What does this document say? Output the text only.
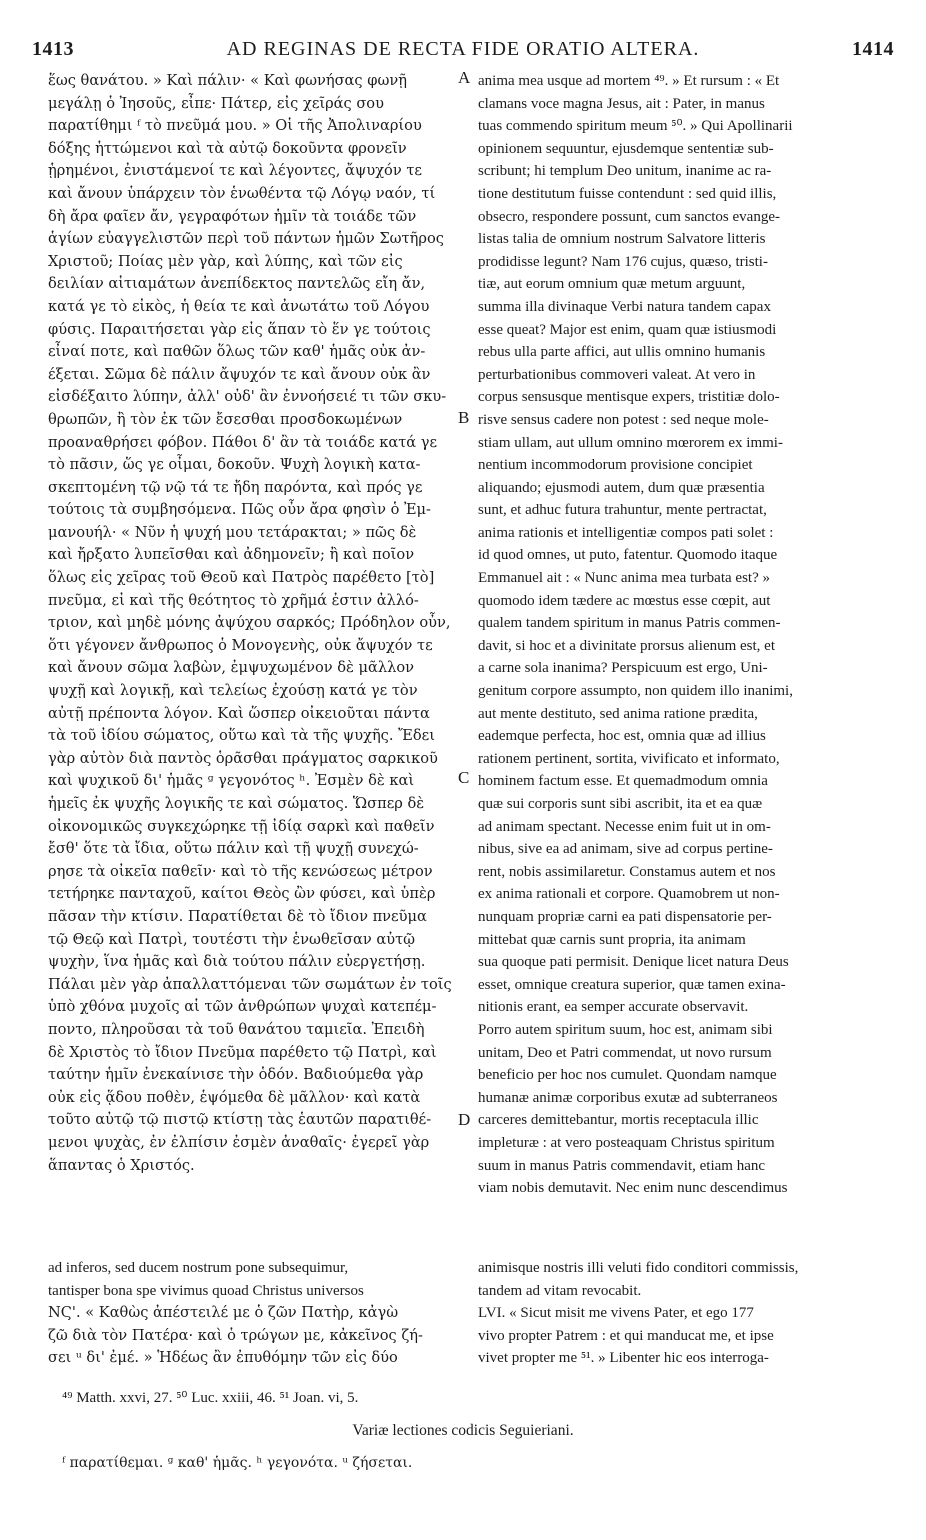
1413	AD REGINAS DE RECTA FIDE ORATIO ALTERA.	1414
ἕως θανάτου. » Καὶ πάλιν· « Καὶ φωνήσας φωνῇ
μεγάλῃ ὁ Ἰησοῦς, εἶπε· Πάτερ, εἰς χεῖράς σου
παρατίθημι ᶠ τὸ πνεῦμά μου. » Οἱ τῆς Ἀπολιναρίου
δόξης ἡττώμενοι καὶ τὰ αὐτῷ δοκοῦντα φρονεῖν
ᾑρημένοι, ἐνιστάμενοί τε καὶ λέγοντες, ἄψυχόν τε
καὶ ἄνουν ὑπάρχειν τὸν ἑνωθέντα τῷ Λόγῳ ναόν, τί
δὴ ἄρα φαῖεν ἄν, γεγραφότων ἡμῖν τὰ τοιάδε τῶν
ἁγίων εὐαγγελιστῶν περὶ τοῦ πάντων ἡμῶν Σωτῆρος
Χριστοῦ; Ποίας μὲν γὰρ, καὶ λύπης, καὶ τῶν εἰς
δειλίαν αἰτιαμάτων ἀνεπίδεκτος παντελῶς εἴη ἄν,
κατά γε τὸ εἰκὸς, ἡ θεία τε καὶ ἀνωτάτω τοῦ Λόγου
φύσις. Παραιτήσεται γὰρ εἰς ἅπαν τὸ ἕν γε τούτοις
εἶναί ποτε, καὶ παθῶν ὅλως τῶν καθ' ἡμᾶς οὐκ ἀν-
έξεται. Σῶμα δὲ πάλιν ἄψυχόν τε καὶ ἄνουν οὐκ ἂν
εἰσδέξαιτο λύπην, ἀλλ' οὐδ' ἂν ἐννοήσειέ τι τῶν σκυ-
θρωπῶν, ἢ τὸν ἐκ τῶν ἔσεσθαι προσδοκωμένων
προαναθρήσει φόβον. Πάθοι δ' ἂν τὰ τοιάδε κατά γε
τὸ πᾶσιν, ὥς γε οἶμαι, δοκοῦν. Ψυχὴ λογικὴ κατα-
σκεπτομένη τῷ νῷ τά τε ἤδη παρόντα, καὶ πρός γε
τούτοις τὰ συμβησόμενα. Πῶς οὖν ἄρα φησὶν ὁ Ἐμ-
μανουήλ· « Νῦν ἡ ψυχή μου τετάρακται; » πῶς δὲ
καὶ ἤρξατο λυπεῖσθαι καὶ ἀδημονεῖν; ἢ καὶ ποῖον
ὅλως εἰς χεῖρας τοῦ Θεοῦ καὶ Πατρὸς παρέθετο [τὸ]
πνεῦμα, εἰ καὶ τῆς θεότητος τὸ χρῆμά ἐστιν ἀλλό-
τριον, καὶ μηδὲ μόνης ἀψύχου σαρκός; Πρόδηλον οὖν,
ὅτι γέγονεν ἄνθρωπος ὁ Μονογενὴς, οὐκ ἄψυχόν τε
καὶ ἄνουν σῶμα λαβὼν, ἐμψυχωμένον δὲ μᾶλλον
ψυχῇ καὶ λογικῇ, καὶ τελείως ἐχούσῃ κατά γε τὸν
αὐτῇ πρέποντα λόγον. Καὶ ὥσπερ οἰκειοῦται πάντα
τὰ τοῦ ἰδίου σώματος, οὕτω καὶ τὰ τῆς ψυχῆς. Ἔδει
γὰρ αὐτὸν διὰ παντὸς ὁρᾶσθαι πράγματος σαρκικοῦ
καὶ ψυχικοῦ δι' ἡμᾶς ᵍ γεγονότος ʰ. Ἐσμὲν δὲ καὶ
ἡμεῖς ἐκ ψυχῆς λογικῆς τε καὶ σώματος. Ὥσπερ δὲ
οἰκονομικῶς συγκεχώρηκε τῇ ἰδίᾳ σαρκὶ καὶ παθεῖν
ἔσθ' ὅτε τὰ ἴδια, οὕτω πάλιν καὶ τῇ ψυχῇ συνεχώ-
ρησε τὰ οἰκεῖα παθεῖν· καὶ τὸ τῆς κενώσεως μέτρον
τετήρηκε πανταχοῦ, καίτοι Θεὸς ὢν φύσει, καὶ ὑπὲρ
πᾶσαν τὴν κτίσιν. Παρατίθεται δὲ τὸ ἴδιον πνεῦμα
τῷ Θεῷ καὶ Πατρὶ, τουτέστι τὴν ἑνωθεῖσαν αὐτῷ
ψυχὴν, ἵνα ἡμᾶς καὶ διὰ τούτου πάλιν εὐεργετήσῃ.
Πάλαι μὲν γὰρ ἀπαλλαττόμεναι τῶν σωμάτων ἐν τοῖς
ὑπὸ χθόνα μυχοῖς αἱ τῶν ἀνθρώπων ψυχαὶ κατεπέμ-
ποντο, πληροῦσαι τὰ τοῦ θανάτου ταμιεῖα. Ἐπειδὴ
δὲ Χριστὸς τὸ ἴδιον Πνεῦμα παρέθετο τῷ Πατρὶ, καὶ
ταύτην ἡμῖν ἐνεκαίνισε τὴν ὁδόν. Βαδιούμεθα γὰρ
οὐκ εἰς ᾅδου ποθὲν, ἑψόμεθα δὲ μᾶλλον· καὶ κατὰ
τοῦτο αὐτῷ τῷ πιστῷ κτίστῃ τὰς ἑαυτῶν παρατιθέ-
μενοι ψυχὰς, ἐν ἐλπίσιν ἐσμὲν ἀναθαῖς· ἐγερεῖ γὰρ
ἅπαντας ὁ Χριστός.
anima mea usque ad mortem ⁴⁹. » Et rursum : « Et
clamans voce magna Jesus, ait : Pater, in manus
tuas commendo spiritum meum ⁵⁰. » Qui Apollinarii
opinionem sequuntur, ejusdemque sententiæ sub-
scribunt; hi templum Deo unitum, inanime ac ra-
tione destitutum fuisse contendunt : sed quid illis,
obsecro, respondere possunt, cum sanctos evange-
listas talia de omnium nostrum Salvatore litteris
prodidisse legunt? Nam 176 cujus, quæso, tristi-
tiæ, aut eorum omnium quæ metum arguunt,
summa illa divinaque Verbi natura tandem capax
esse queat? Major est enim, quam quæ istiusmodi
rebus ulla parte affici, aut ullis omnino humanis
perturbationibus commoveri valeat. At vero in
corpus sensusque mentisque expers, tristitiæ dolo-
risve sensus cadere non potest : sed neque mole-
stiam ullam, aut ullum omnino mœrorem ex immi-
nentium incommodorum provisione concipiet
aliquando; ejusmodi autem, dum quæ præsentia
sunt, et adhuc futura trahuntur, mente pertractat,
anima rationis et intelligentiæ compos pati solet :
id quod omnes, ut puto, fatentur. Quomodo itaque
Emmanuel ait : « Nunc anima mea turbata est? »
quomodo idem tædere ac mœstus esse cœpit, aut
qualem tandem spiritum in manus Patris commen-
davit, si hoc et a divinitate prorsus alienum est, et
a carne sola inanima? Perspicuum est ergo, Uni-
genitum corpore assumpto, non quidem illo inanimi,
aut mente destituto, sed anima ratione prædita,
eademque perfecta, hoc est, omnia quæ ad illius
rationem pertinent, sortita, vivificato et informato,
hominem factum esse. Et quemadmodum omnia
quæ sui corporis sunt sibi ascribit, ita et ea quæ
ad animam spectant. Necesse enim fuit ut in om-
nibus, sive ea ad animam, sive ad corpus pertine-
rent, nobis assimilaretur. Constamus autem et nos
ex anima rationali et corpore. Quamobrem ut non-
nunquam propriæ carni ea pati dispensatorie per-
mittebat quæ carnis sunt propria, ita animam
sua quoque pati permisit. Denique licet natura Deus
esset, omnique creatura superior, quæ tamen exina-
nitionis erant, ea semper accurate observavit.
Porro autem spiritum suum, hoc est, animam sibi
unitam, Deo et Patri commendat, ut novo rursum
beneficio per hoc nos cumulet. Quondam namque
humanæ animæ corporibus exutæ ad subterraneos
carceres demittebantur, mortis receptacula illic
impleturæ : at vero posteaquam Christus spiritum
suum in manus Patris commendavit, etiam hanc
viam nobis demutavit. Nec enim nunc descendimus
A
B
C
D
ad inferos, sed ducem nostrum pone subsequimur,
tantisper bona spe vivimus quoad Christus universos
animisque nostris illi veluti fido conditori commissis,
tandem ad vitam revocabit.
ΝϚ'. « Καθὼς ἀπέστειλέ με ὁ ζῶν Πατὴρ, κἀγὼ
ζῶ διὰ τὸν Πατέρα· καὶ ὁ τρώγων με, κἀκεῖνος ζή-
σει ᵘ δι' ἐμέ. » Ἡδέως ἂν ἐπυθόμην τῶν εἰς δύο
LVI. « Sicut misit me vivens Pater, et ego 177
vivo propter Patrem : et qui manducat me, et ipse
vivet propter me ⁵¹. » Libenter hic eos interroga-
⁴⁹ Matth. xxvi, 27. ⁵⁰ Luc. xxiii, 46. ⁵¹ Joan. vi, 5.
Variæ lectiones codicis Seguieriani.
ᶠ παρατίθεμαι. ᵍ καθ' ἡμᾶς. ʰ γεγονότα. ᵘ ζήσεται.
